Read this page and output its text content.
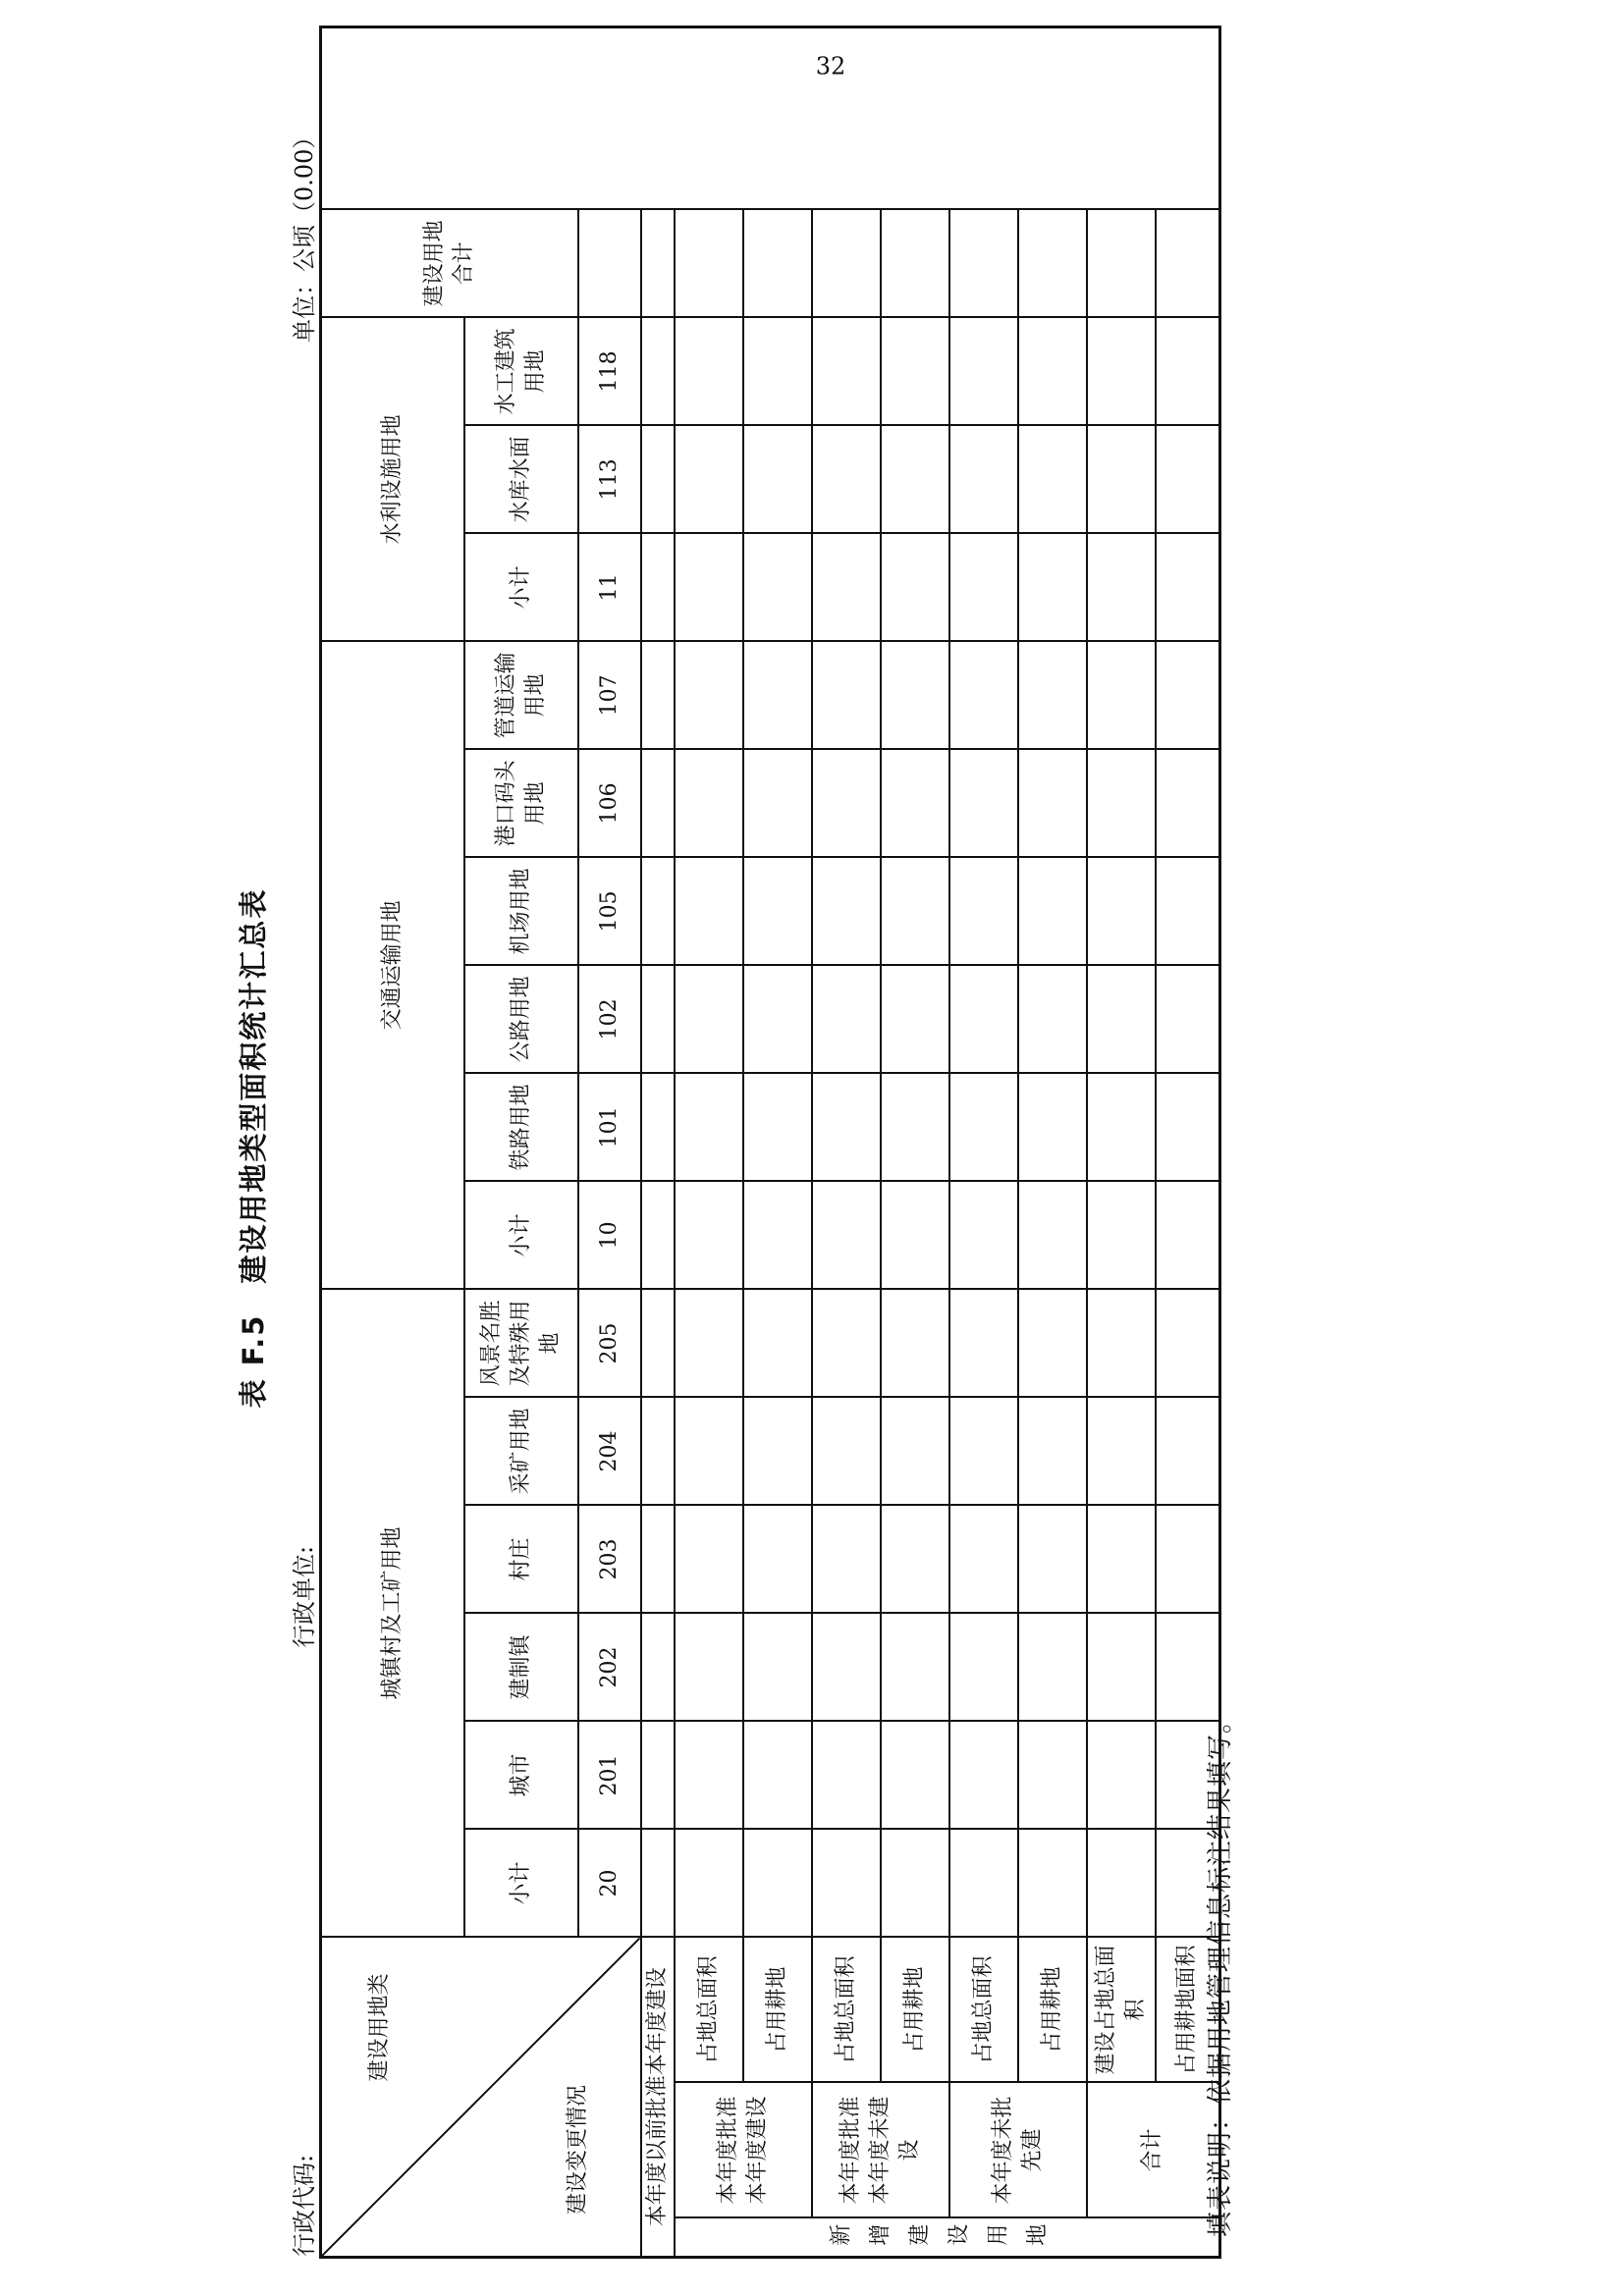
表 F.5　建设用地类型面积统计汇总表
行政代码:
行政单位:
单位：公顷（0.00）
建设用地类
建设变更情况			城镇村及工矿用地						交通运输用地						水利设施用地			建设用地合计
			小计	城市	建制镇	村庄	采矿用地	风景名胜及特殊用地	小计	铁路用地	公路用地	机场用地	港口码头用地	管道运输用地	小计	水库水面	水工建筑用地	
			20	201	202	203	204	205	10	101	102	105	106	107	11	113	118	
本年度以前批准本年度建设																		
新增建设用地	本年度批准本年度建设	占地总面积																
		占用耕地																
	本年度批准本年度未建设	占地总面积																
		占用耕地																
	本年度未批先建	占地总面积																
		占用耕地																
	合计	建设占地总面积																
		占用耕地面积																填表说明：依据用地管理信息标注结果填写。
32
